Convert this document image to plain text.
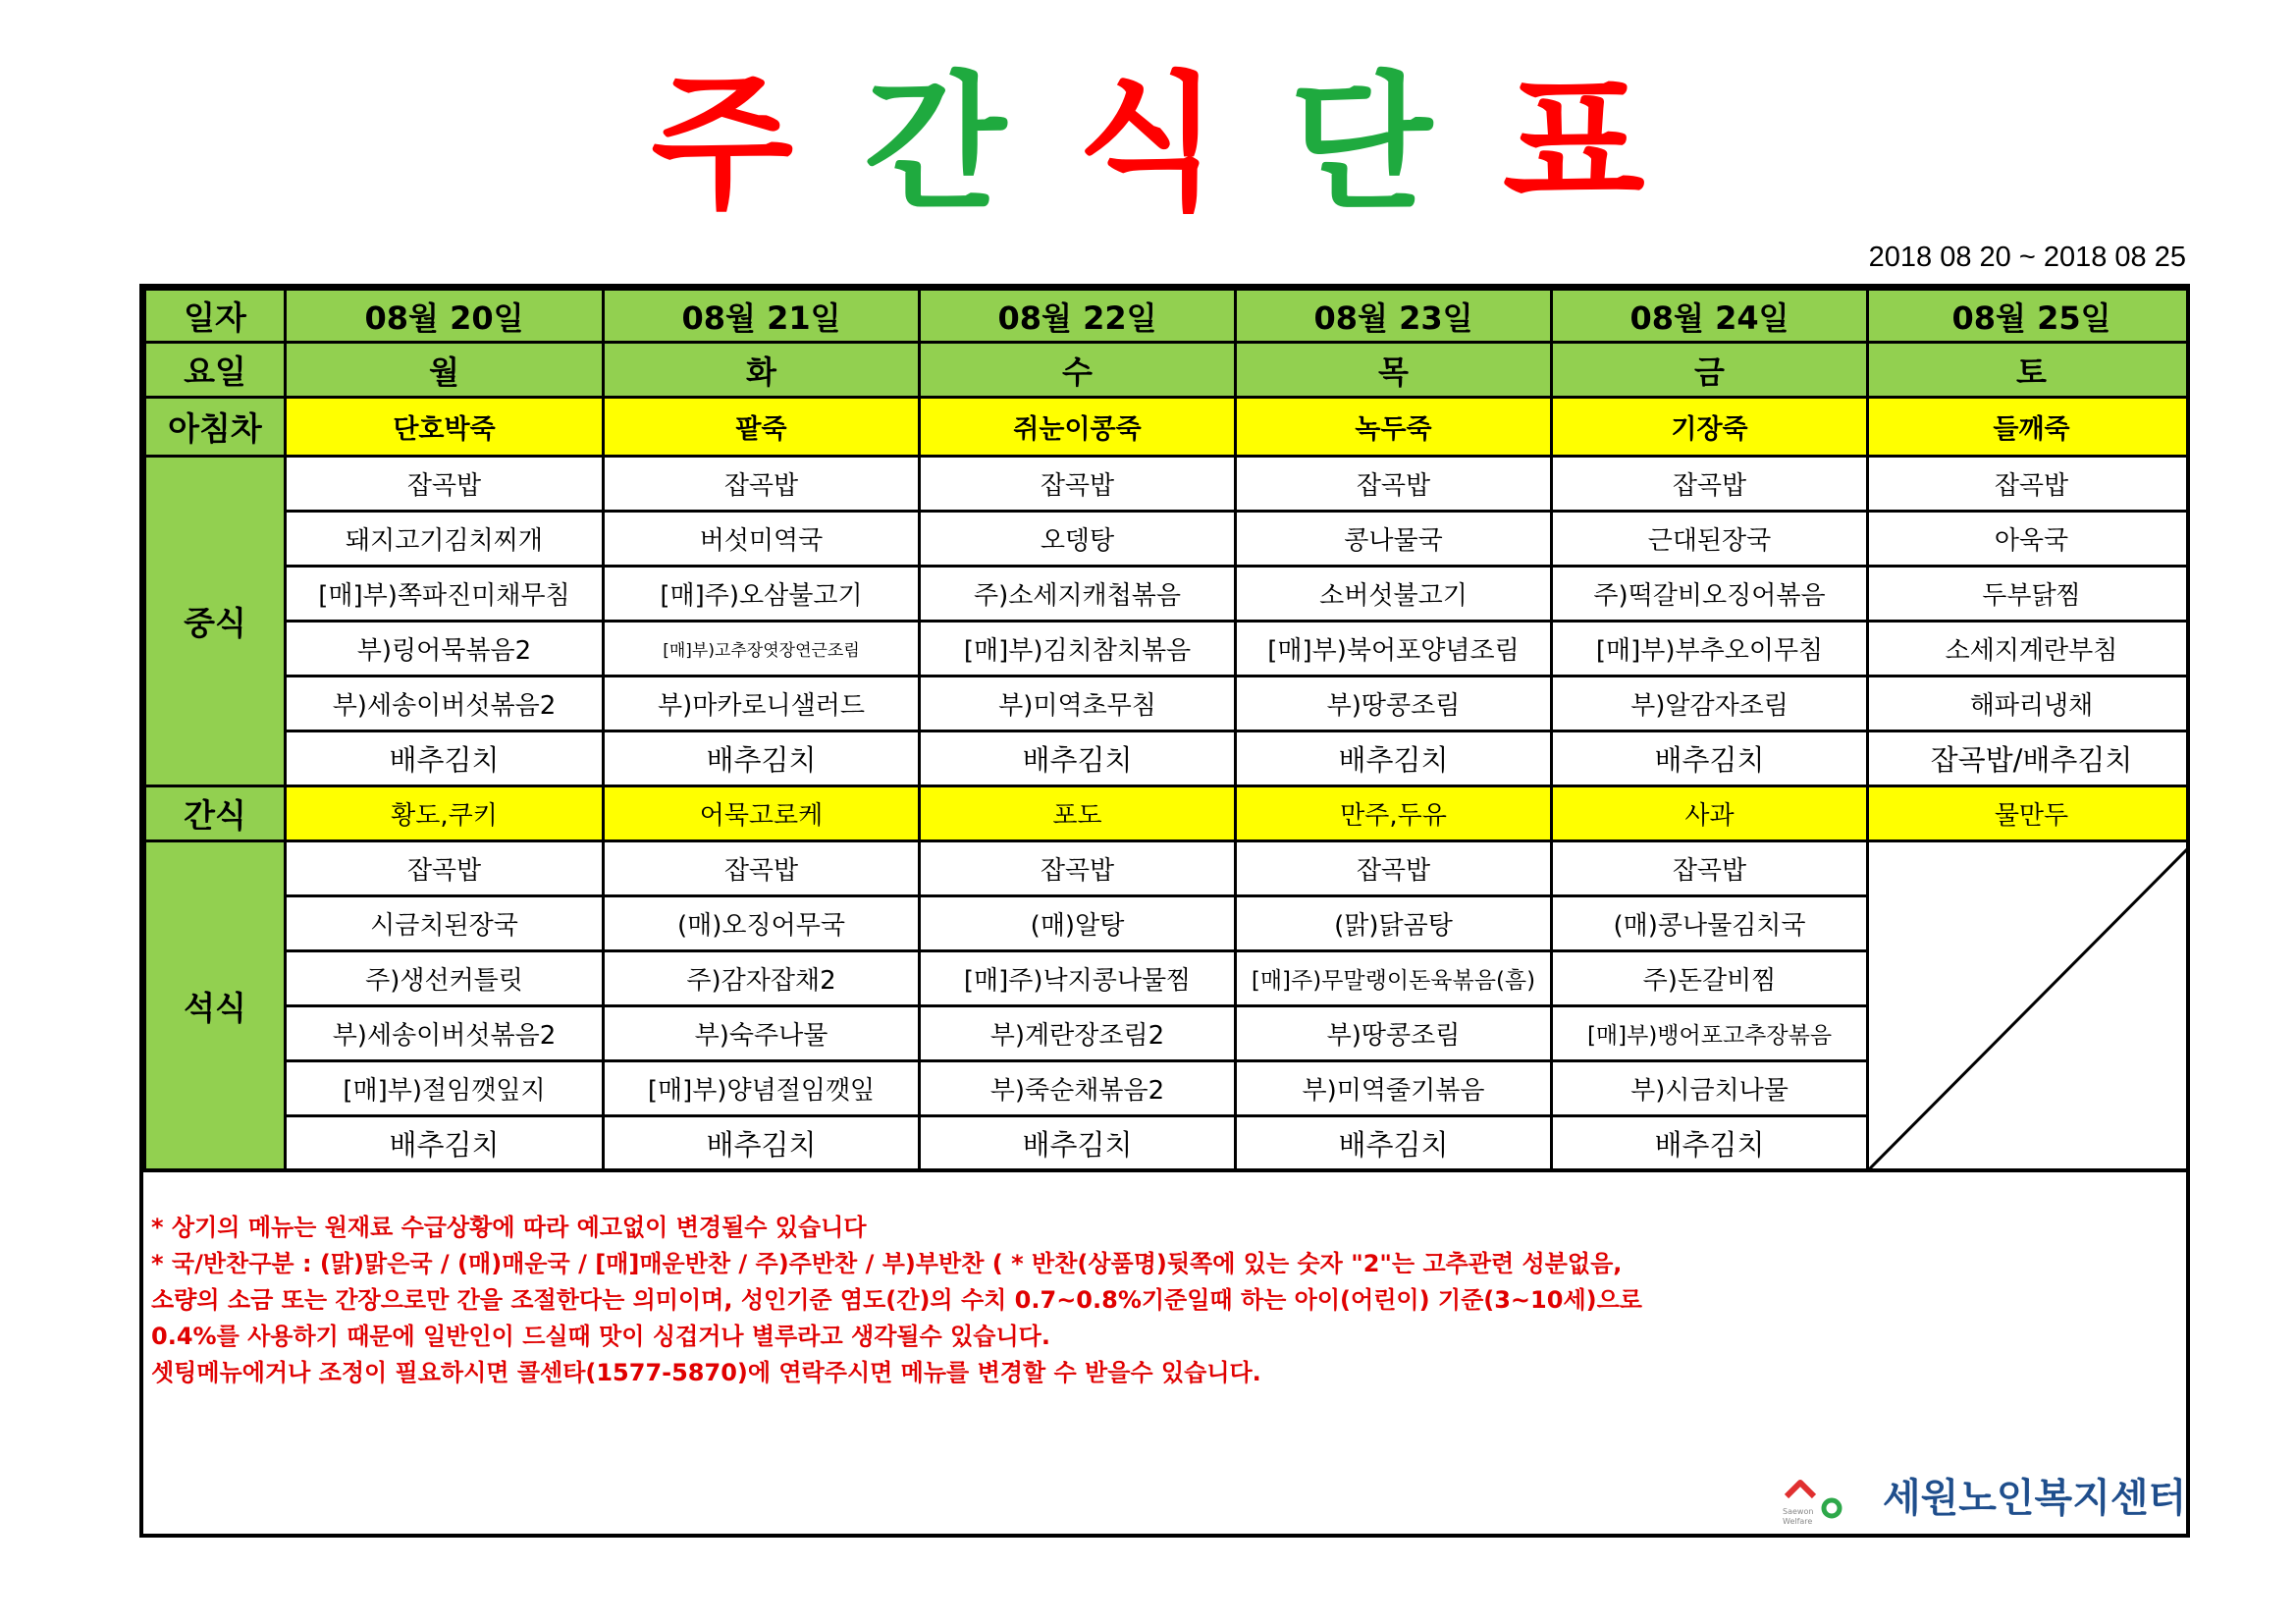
주 간 식 단 표
2018 08 20 ~ 2018 08 25
일자	08월 20일	08월 21일	08월 22일	08월 23일	08월 24일	08월 25일
요일	월	화	수	목	금	토
아침차	단호박죽	팥죽	쥐눈이콩죽	녹두죽	기장죽	들깨죽
중식	잡곡밥	잡곡밥	잡곡밥	잡곡밥	잡곡밥	잡곡밥
	돼지고기김치찌개	버섯미역국	오뎅탕	콩나물국	근대된장국	아욱국
	[매]부)쪽파진미채무침	[매]주)오삼불고기	주)소세지캐첩볶음	소버섯불고기	주)떡갈비오징어볶음	두부닭찜
	부)링어묵볶음2	[매]부)고추장엿장연근조림	[매]부)김치참치볶음	[매]부)북어포양념조림	[매]부)부추오이무침	소세지계란부침
	부)세송이버섯볶음2	부)마카로니샐러드	부)미역초무침	부)땅콩조림	부)알감자조림	해파리냉채
	배추김치	배추김치	배추김치	배추김치	배추김치	잡곡밥/배추김치
간식	황도,쿠키	어묵고로케	포도	만주,두유	사과	물만두
석식	잡곡밥	잡곡밥	잡곡밥	잡곡밥	잡곡밥	

	시금치된장국	(매)오징어무국	(매)알탕	(맑)닭곰탕	(매)콩나물김치국	
	주)생선커틀릿	주)감자잡채2	[매]주)낙지콩나물찜	[매]주)무말랭이돈육볶음(흠)	주)돈갈비찜	
	부)세송이버섯볶음2	부)숙주나물	부)계란장조림2	부)땅콩조림	[매]부)뱅어포고추장볶음	
	[매]부)절임깻잎지	[매]부)양념절임깻잎	부)죽순채볶음2	부)미역줄기볶음	부)시금치나물	
	배추김치	배추김치	배추김치	배추김치	배추김치	

* 상기의 메뉴는 원재료 수급상황에 따라 예고없이 변경될수 있습니다

* 국/반찬구분 : (맑)맑은국 / (매)매운국 / [매]매운반찬 / 주)주반찬 / 부)부반찬 ( * 반찬(상품명)뒷쪽에 있는 숫자 "2"는 고추관련 성분없음,

소량의 소금 또는 간장으로만 간을 조절한다는 의미이며, 성인기준 염도(간)의 수치 0.7~0.8%기준일때 하는 아이(어린이) 기준(3~10세)으로

0.4%를 사용하기 때문에 일반인이 드실때 맛이 싱겁거나 별루라고 생각될수 있습니다.

셋팅메뉴에거나 조정이 필요하시면 콜센타(1577-5870)에 연락주시면 메뉴를 변경할 수 받을수 있습니다.

Saewon
Welfare
세원노인복지센터
